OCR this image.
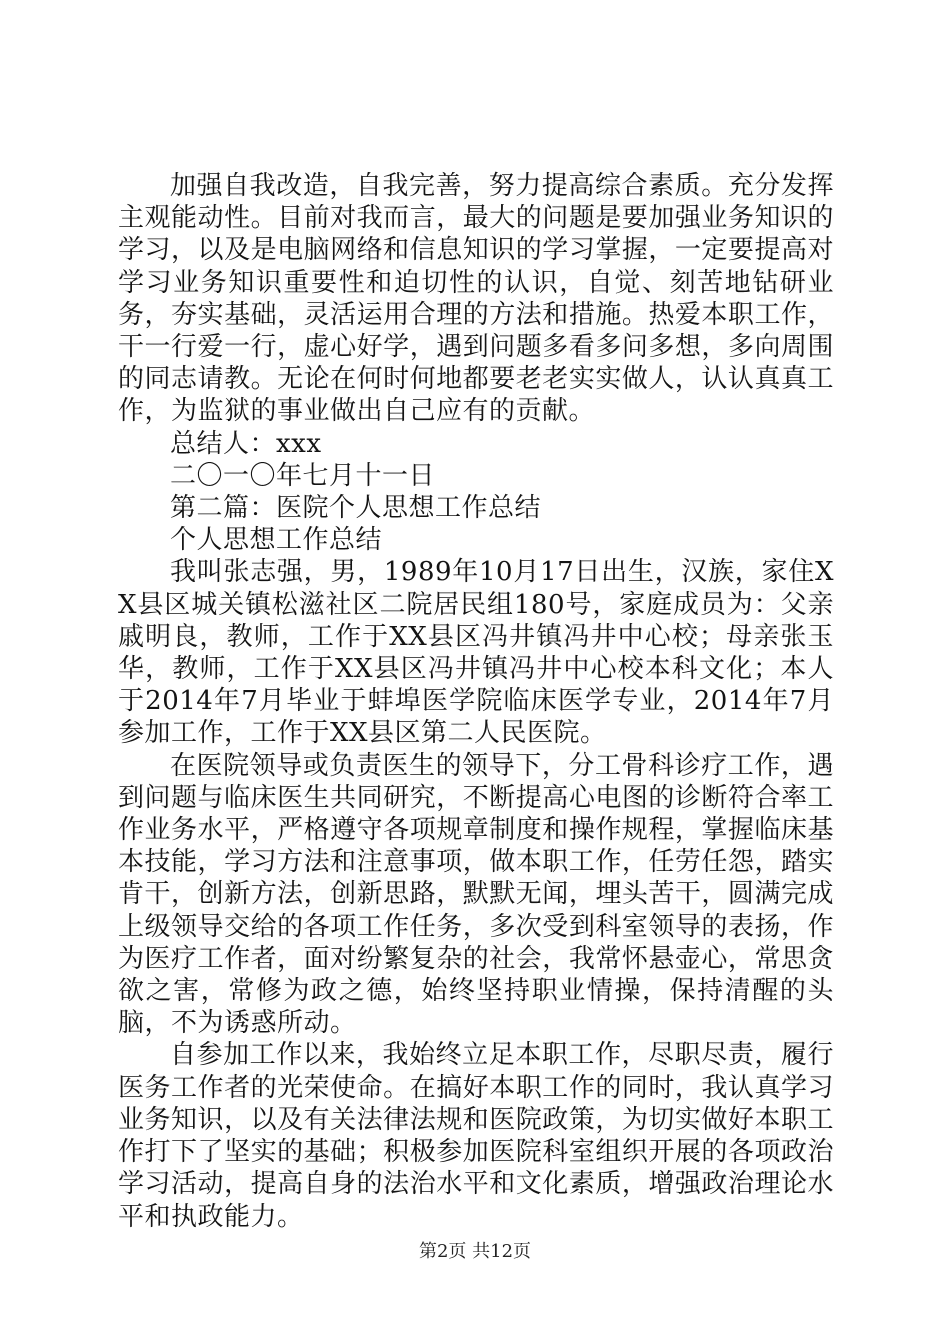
加强自我改造，自我完善，努力提高综合素质。充分发挥主观能动性。目前对我而言，最大的问题是要加强业务知识的学习，以及是电脑网络和信息知识的学习掌握，一定要提高对学习业务知识重要性和迫切性的认识，自觉、刻苦地钻研业务，夯实基础，灵活运用合理的方法和措施。热爱本职工作，干一行爱一行，虚心好学，遇到问题多看多问多想，多向周围的同志请教。无论在何时何地都要老老实实做人，认认真真工作，为监狱的事业做出自己应有的贡献。

总结人：xxx

二〇一〇年七月十一日

第二篇：医院个人思想工作总结

个人思想工作总结

我叫张志强，男，1989年10月17日出生，汉族，家住XX县区城关镇松滋社区二院居民组180号，家庭成员为：父亲戚明良，教师，工作于XX县区冯井镇冯井中心校；母亲张玉华，教师，工作于XX县区冯井镇冯井中心校本科文化；本人于2014年7月毕业于蚌埠医学院临床医学专业，2014年7月参加工作，工作于XX县区第二人民医院。

在医院领导或负责医生的领导下，分工骨科诊疗工作，遇到问题与临床医生共同研究，不断提高心电图的诊断符合率工作业务水平，严格遵守各项规章制度和操作规程，掌握临床基本技能，学习方法和注意事项，做本职工作，任劳任怨，踏实肯干，创新方法，创新思路，默默无闻，埋头苦干，圆满完成上级领导交给的各项工作任务，多次受到科室领导的表扬，作为医疗工作者，面对纷繁复杂的社会，我常怀悬壶心，常思贪欲之害，常修为政之德，始终坚持职业情操，保持清醒的头脑，不为诱惑所动。

自参加工作以来，我始终立足本职工作，尽职尽责，履行医务工作者的光荣使命。在搞好本职工作的同时，我认真学习业务知识，以及有关法律法规和医院政策，为切实做好本职工作打下了坚实的基础；积极参加医院科室组织开展的各项政治学习活动，提高自身的法治水平和文化素质，增强政治理论水平和执政能力。

第2页 共12页
